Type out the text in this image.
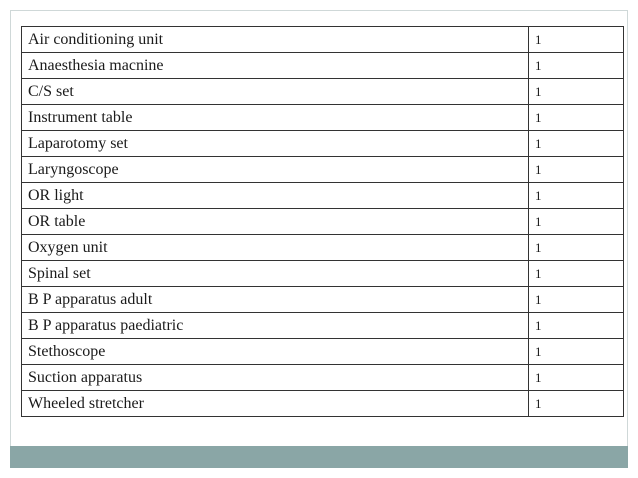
Air conditioning unit	1
Anaesthesia macnine	1
C/S set	1
Instrument table	1
Laparotomy set	1
Laryngoscope	1
OR light	1
OR table	1
Oxygen unit	1
Spinal set	1
B P apparatus adult	1
B P apparatus paediatric	1
Stethoscope	1
Suction apparatus	1
Wheeled stretcher	1
